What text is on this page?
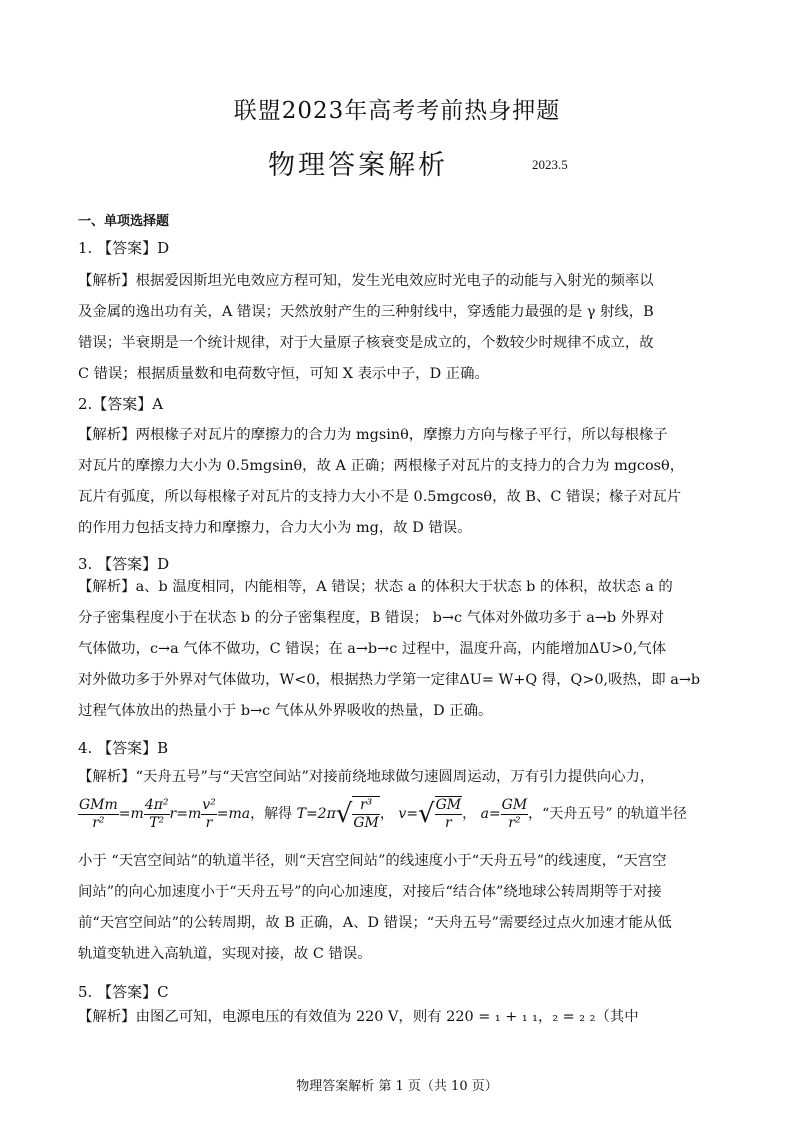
联盟2023年高考考前热身押题
物理答案解析	2023.5
一、单项选择题
1. 【答案】D

【解析】根据爱因斯坦光电效应方程可知，发生光电效应时光电子的动能与入射光的频率以

及金属的逸出功有关，A 错误；天然放射产生的三种射线中，穿透能力最强的是 γ 射线，B

错误；半衰期是一个统计规律，对于大量原子核衰变是成立的，个数较少时规律不成立，故

C 错误；根据质量数和电荷数守恒，可知 X 表示中子，D 正确。

2.【答案】A

【解析】两根椽子对瓦片的摩擦力的合力为 mgsinθ，摩擦力方向与椽子平行，所以每根椽子

对瓦片的摩擦力大小为 0.5mgsinθ，故 A 正确；两根椽子对瓦片的支持力的合力为 mgcosθ，

瓦片有弧度，所以每根椽子对瓦片的支持力大小不是 0.5mgcosθ，故 B、C 错误；椽子对瓦片

的作用力包括支持力和摩擦力，合力大小为 mg，故 D 错误。

3. 【答案】D

【解析】a、b 温度相同，内能相等，A 错误；状态 a 的体积大于状态 b 的体积，故状态 a 的

分子密集程度小于在状态 b 的分子密集程度，B 错误； b→c 气体对外做功多于 a→b 外界对

气体做功，c→a 气体不做功，C 错误；在 a→b→c 过程中，温度升高，内能增加ΔU>0,气体

对外做功多于外界对气体做功，W<0，根据热力学第一定律ΔU= W+Q 得，Q>0,吸热，即 a→b

过程气体放出的热量小于 b→c 气体从外界吸收的热量，D 正确。

4. 【答案】B

【解析】“天舟五号”与“天宫空间站”对接前绕地球做匀速圆周运动，万有引力提供向心力，

$\frac{\text{GMm}}{\text{r²}} =m \frac{\text{4π²}}{\text{T²}} r=m \frac{\text{v²}}{r} =ma$，解得 $T=2\pi√ \frac{\text{r³}}{GM}$ ， $v=√ \frac{GM}{r}$ ， $a= \frac{GM}{\text{r²}}$ ，“天舟五号” 的轨道半径

小于 “天宫空间站”的轨道半径，则“天宫空间站”的线速度小于“天舟五号”的线速度，“天宫空

间站”的向心加速度小于“天舟五号”的向心加速度，对接后“结合体”绕地球公转周期等于对接

前“天宫空间站”的公转周期，故 B 正确，A、D 错误；“天舟五号”需要经过点火加速才能从低

轨道变轨进入高轨道，实现对接，故 C 错误。

5. 【答案】C

【解析】由图乙可知，电源电压的有效值为 220 V，则有 220 = ₁ + ₁ ₁，₂ = ₂ ₂（其中

物理答案解析 第 1 页（共 10 页）
